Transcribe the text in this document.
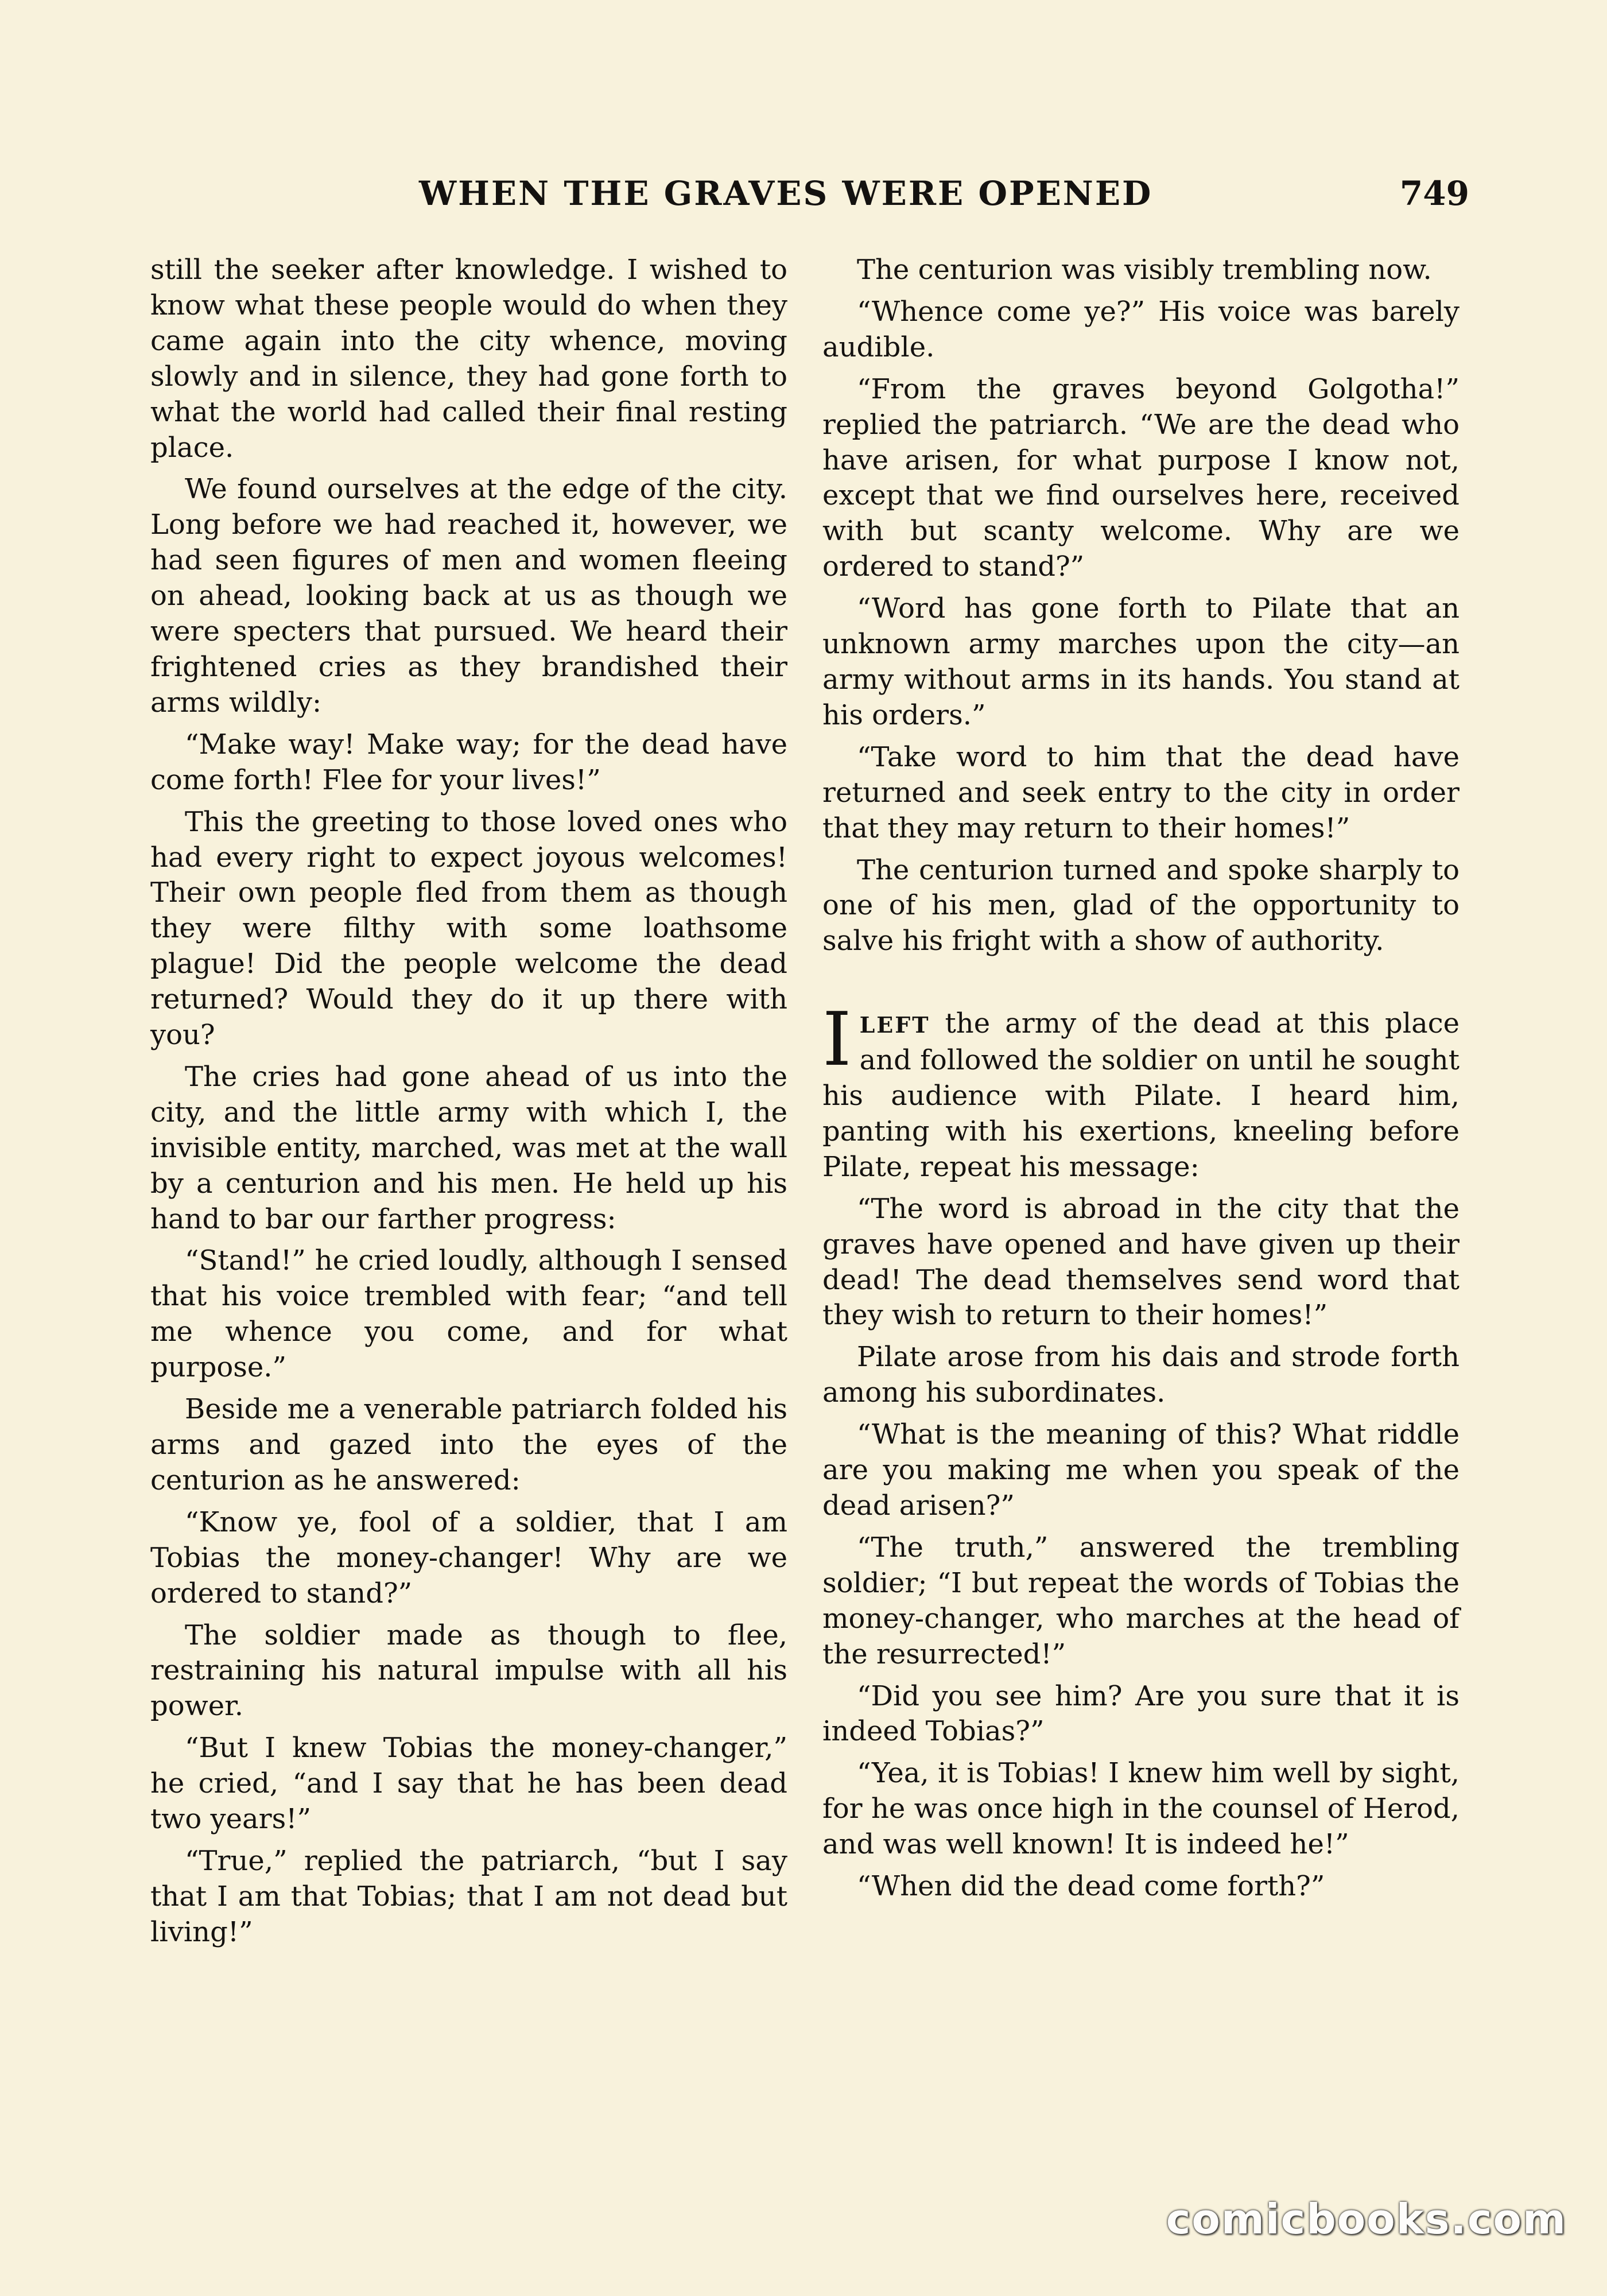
WHEN THE GRAVES WERE OPENED	749

still the seeker after knowledge. I wished to know what these people would do when they came again into the city whence, moving slowly and in silence, they had gone forth to what the world had called their final resting place.

We found ourselves at the edge of the city. Long before we had reached it, however, we had seen figures of men and women fleeing on ahead, looking back at us as though we were specters that pursued. We heard their frightened cries as they brandished their arms wildly:

“Make way! Make way; for the dead have come forth! Flee for your lives!”

This the greeting to those loved ones who had every right to expect joyous welcomes! Their own people fled from them as though they were filthy with some loathsome plague! Did the people welcome the dead returned? Would they do it up there with you?

The cries had gone ahead of us into the city, and the little army with which I, the invisible entity, marched, was met at the wall by a centurion and his men. He held up his hand to bar our farther progress:

“Stand!” he cried loudly, although I sensed that his voice trembled with fear; “and tell me whence you come, and for what purpose.”

Beside me a venerable patriarch folded his arms and gazed into the eyes of the centurion as he answered:

“Know ye, fool of a soldier, that I am Tobias the money-changer! Why are we ordered to stand?”

The soldier made as though to flee, restraining his natural impulse with all his power.

“But I knew Tobias the money-changer,” he cried, “and I say that he has been dead two years!”

“True,” replied the patriarch, “but I say that I am that Tobias; that I am not dead but living!”

The centurion was visibly trembling now.

“Whence come ye?” His voice was barely audible.

“From the graves beyond Golgotha!” replied the patriarch. “We are the dead who have arisen, for what purpose I know not, except that we find ourselves here, received with but scanty welcome. Why are we ordered to stand?”

“Word has gone forth to Pilate that an unknown army marches upon the city—an army without arms in its hands. You stand at his orders.”

“Take word to him that the dead have returned and seek entry to the city in order that they may return to their homes!”

The centurion turned and spoke sharply to one of his men, glad of the opportunity to salve his fright with a show of authority.

ILEFT the army of the dead at this place and followed the soldier on until he sought his audience with Pilate. I heard him, panting with his exertions, kneeling before Pilate, repeat his message:

“The word is abroad in the city that the graves have opened and have given up their dead! The dead themselves send word that they wish to return to their homes!”

Pilate arose from his dais and strode forth among his subordinates.

“What is the meaning of this? What riddle are you making me when you speak of the dead arisen?”

“The truth,” answered the trembling soldier; “I but repeat the words of Tobias the money-changer, who marches at the head of the resurrected!”

“Did you see him? Are you sure that it is indeed Tobias?”

“Yea, it is Tobias! I knew him well by sight, for he was once high in the counsel of Herod, and was well known! It is indeed he!”

“When did the dead come forth?”

comicbooks.com
